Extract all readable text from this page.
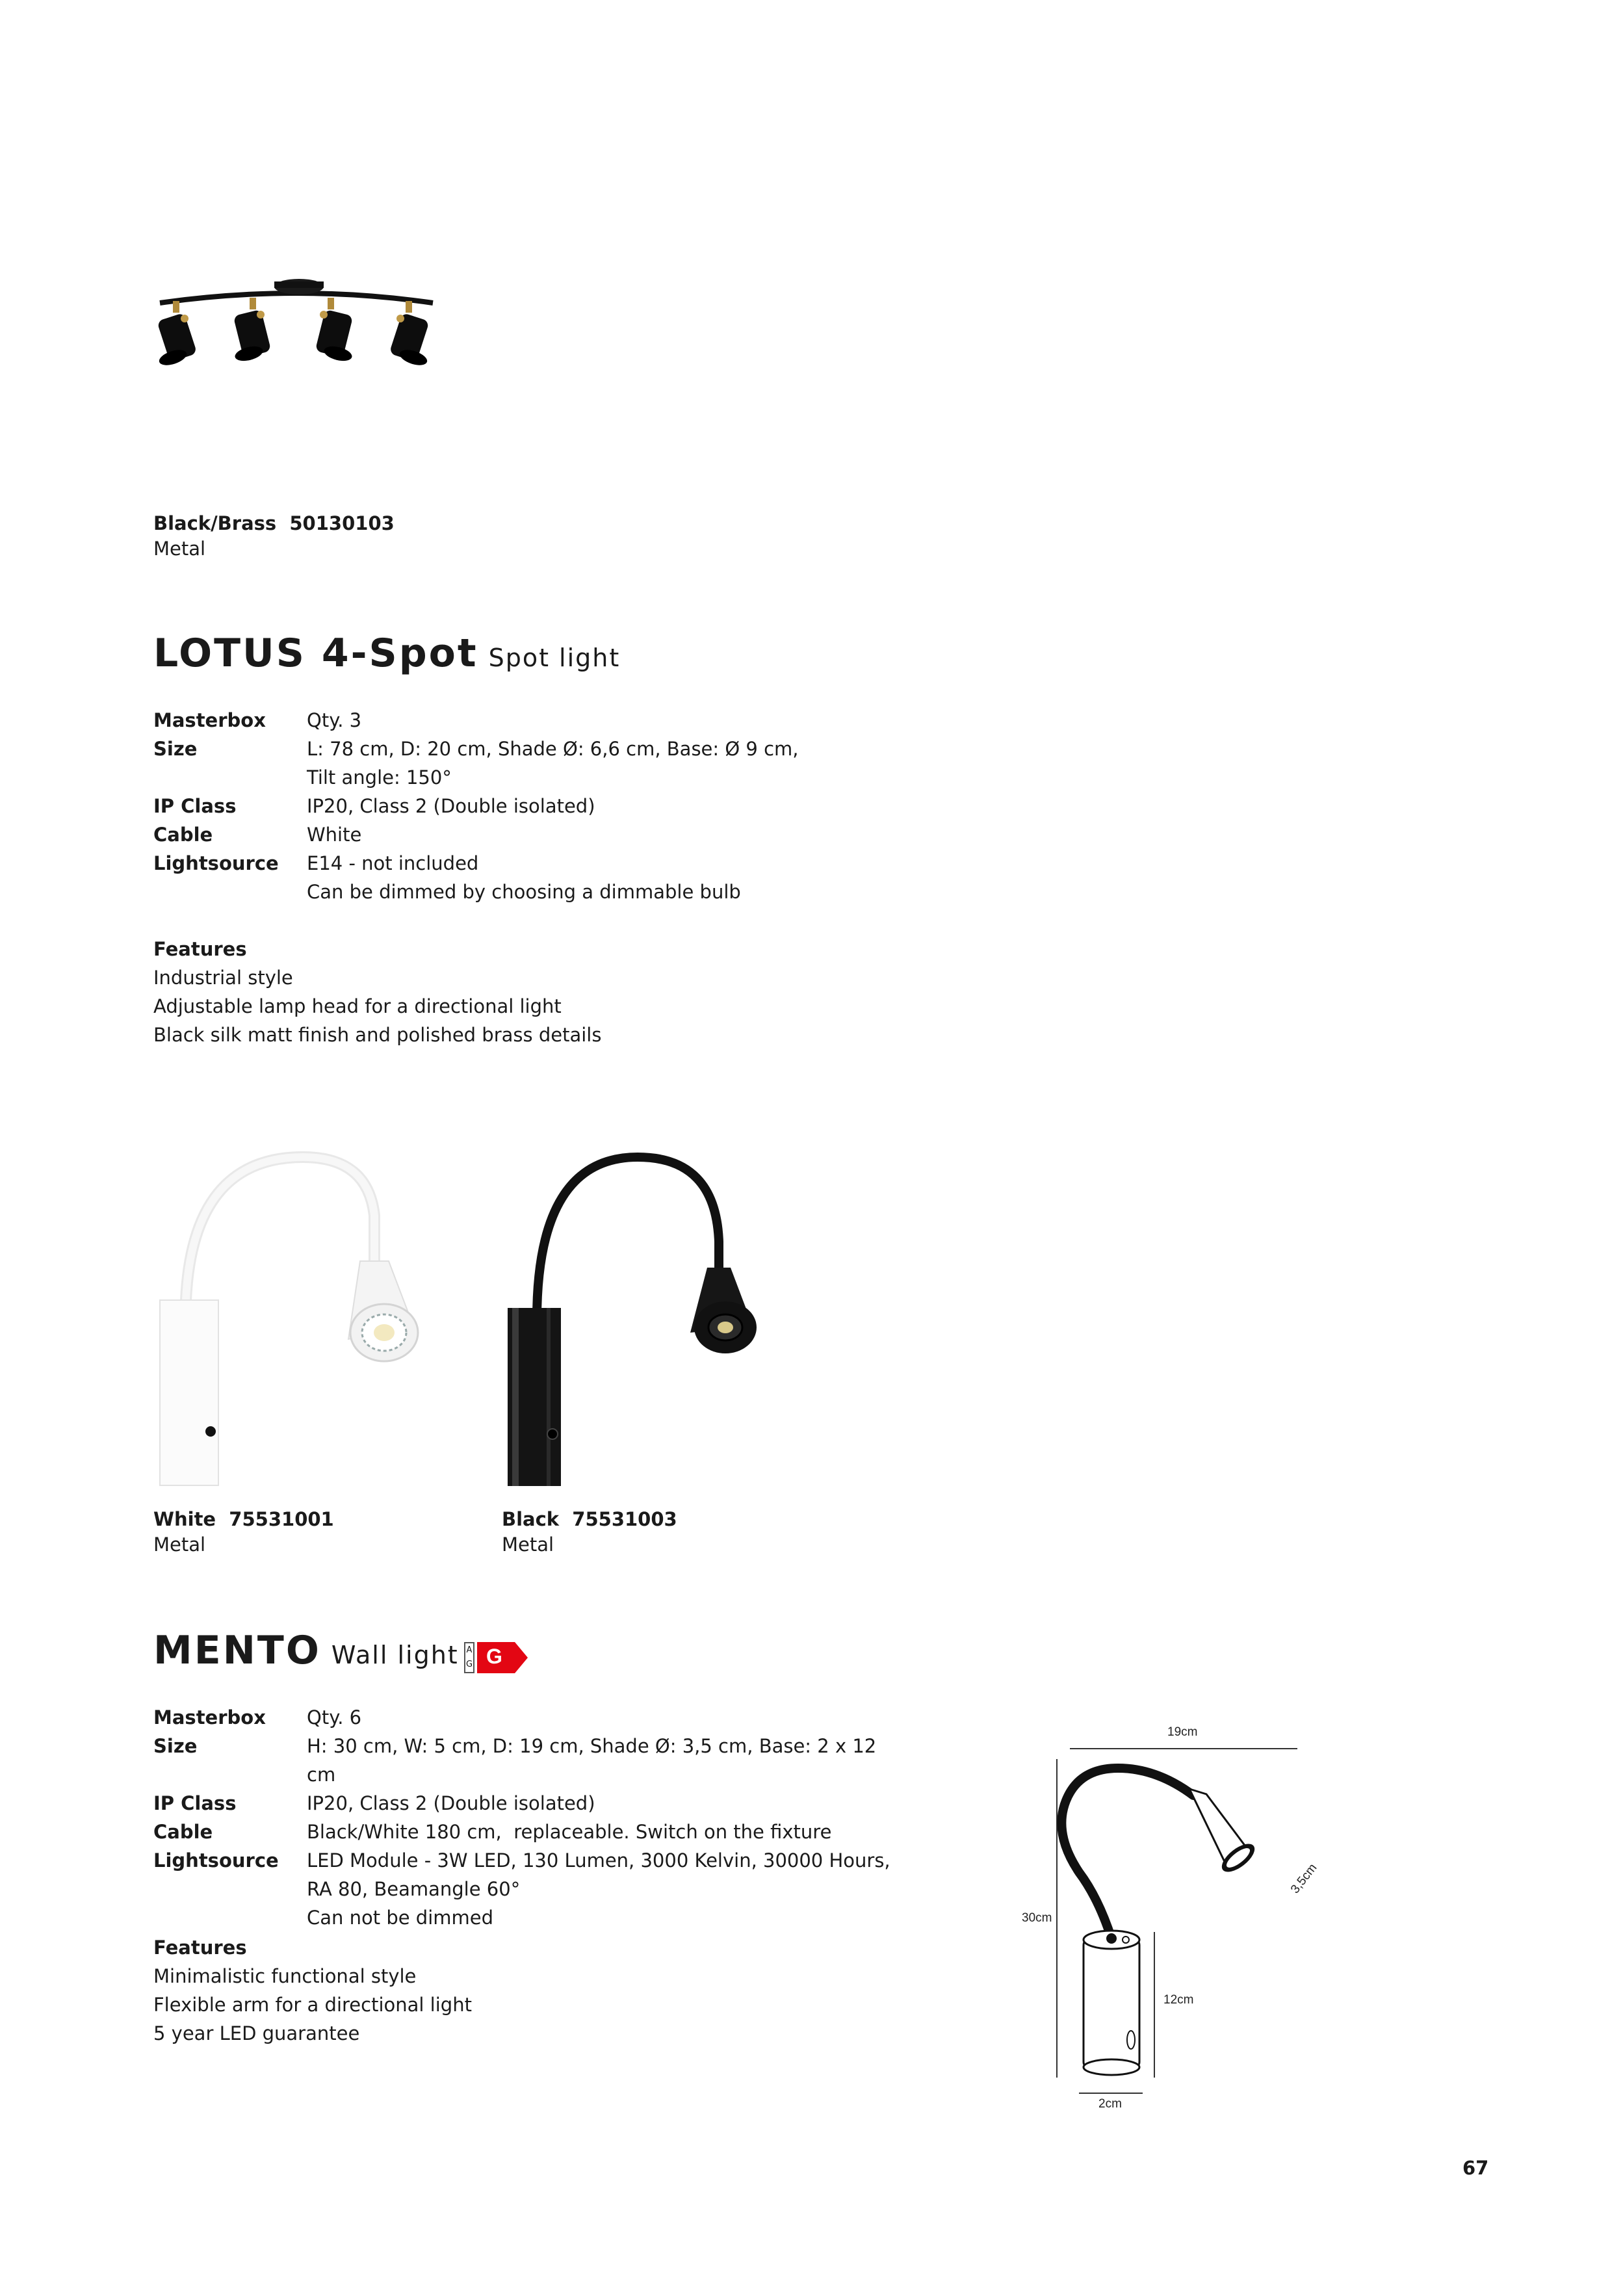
Black/Brass  50130103
Metal
LOTUS 4-Spot Spot light
Masterbox	Qty. 3
Size	L: 78 cm, D: 20 cm, Shade Ø: 6,6 cm, Base: Ø 9 cm,
Tilt angle: 150°
IP Class	IP20, Class 2 (Double isolated)
Cable	White
Lightsource	E14 - not included
Can be dimmed by choosing a dimmable bulb
Features
Industrial style
Adjustable lamp head for a directional light
Black silk matt finish and polished brass details
White  75531001
Metal
Black  75531003
Metal
MENTO Wall light A
G G
Masterbox	Qty. 6
Size	H: 30 cm, W: 5 cm, D: 19 cm, Shade Ø: 3,5 cm, Base: 2 x 12 cm
IP Class	IP20, Class 2 (Double isolated)
Cable	Black/White 180 cm,  replaceable. Switch on the fixture
Lightsource	LED Module - 3W LED, 130 Lumen, 3000 Kelvin, 30000 Hours,
RA 80, Beamangle 60°
Can not be dimmed
Features
Minimalistic functional style
Flexible arm for a directional light
5 year LED guarantee
19cm
30cm
3,5cm
12cm
2cm
67
